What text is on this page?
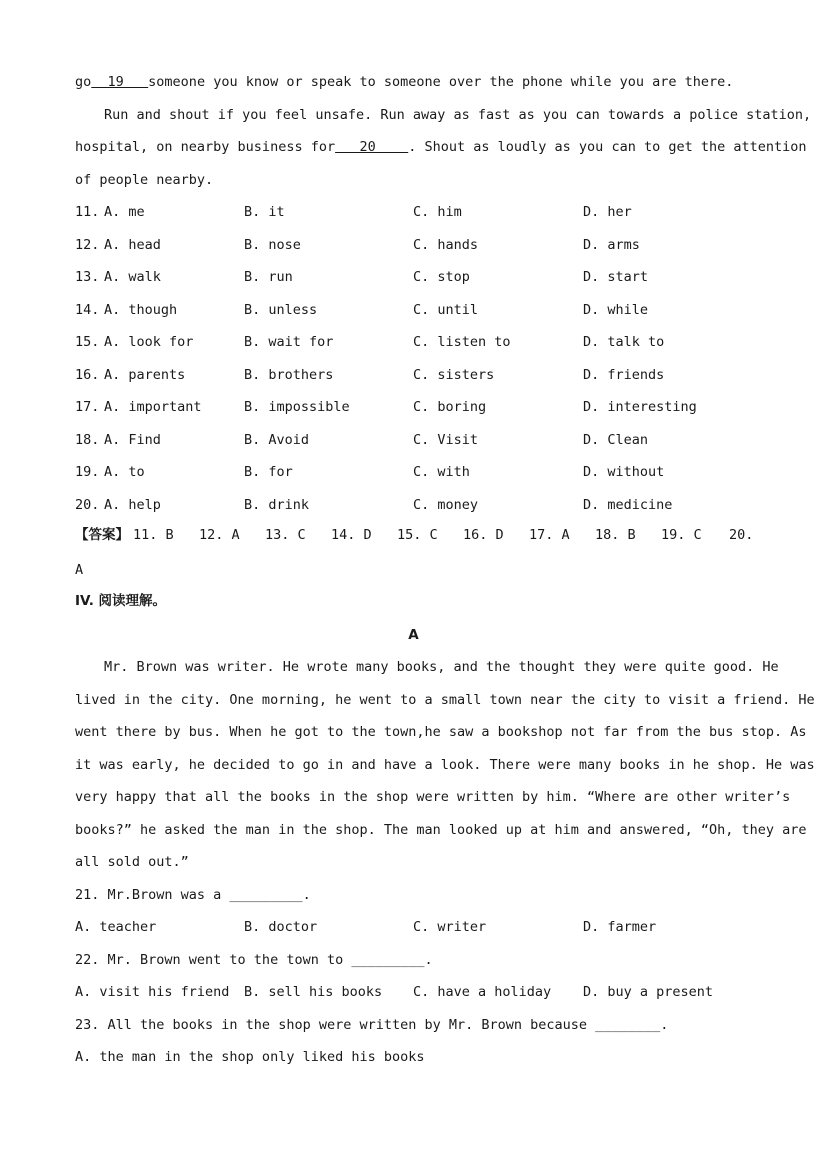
go  19   someone you know or speak to someone over the phone while you are there.
Run and shout if you feel unsafe. Run away as fast as you can towards a police station,
hospital, on nearby business for   20    . Shout as loudly as you can to get the attention
of people nearby.
11. A. me	B. it	C. him	D. her
12. A. head	B. nose	C. hands	D. arms
13. A. walk	B. run	C. stop	D. start
14. A. though	B. unless	C. until	D. while
15. A. look for	B. wait for	C. listen to	D. talk to
16. A. parents	B. brothers	C. sisters	D. friends
17. A. important	B. impossible	C. boring	D. interesting
18. A. Find	B. Avoid	C. Visit	D. Clean
19. A. to	B. for	C. with	D. without
20. A. help	B. drink	C. money	D. medicine
【答案】 11. B 12. A 13. C 14. D 15. C 16. D 17. A 18. B 19. C 20.
A
IV. 阅读理解。
A
Mr. Brown was writer. He wrote many books, and the thought they were quite good. He
lived in the city. One morning, he went to a small town near the city to visit a friend. He
went there by bus. When he got to the town,he saw a bookshop not far from the bus stop. As
it was early, he decided to go in and have a look. There were many books in he shop. He was
very happy that all the books in the shop were written by him. “Where are other writer’s
books?” he asked the man in the shop. The man looked up at him and answered, “Oh, they are
all sold out.”
21. Mr.Brown was a _________.
A. teacher	B. doctor	C. writer	D. farmer
22. Mr. Brown went to the town to _________.
A. visit his friend B. sell his books C. have a holiday D. buy a present
23. All the books in the shop were written by Mr. Brown because ________.
A. the man in the shop only liked his books
